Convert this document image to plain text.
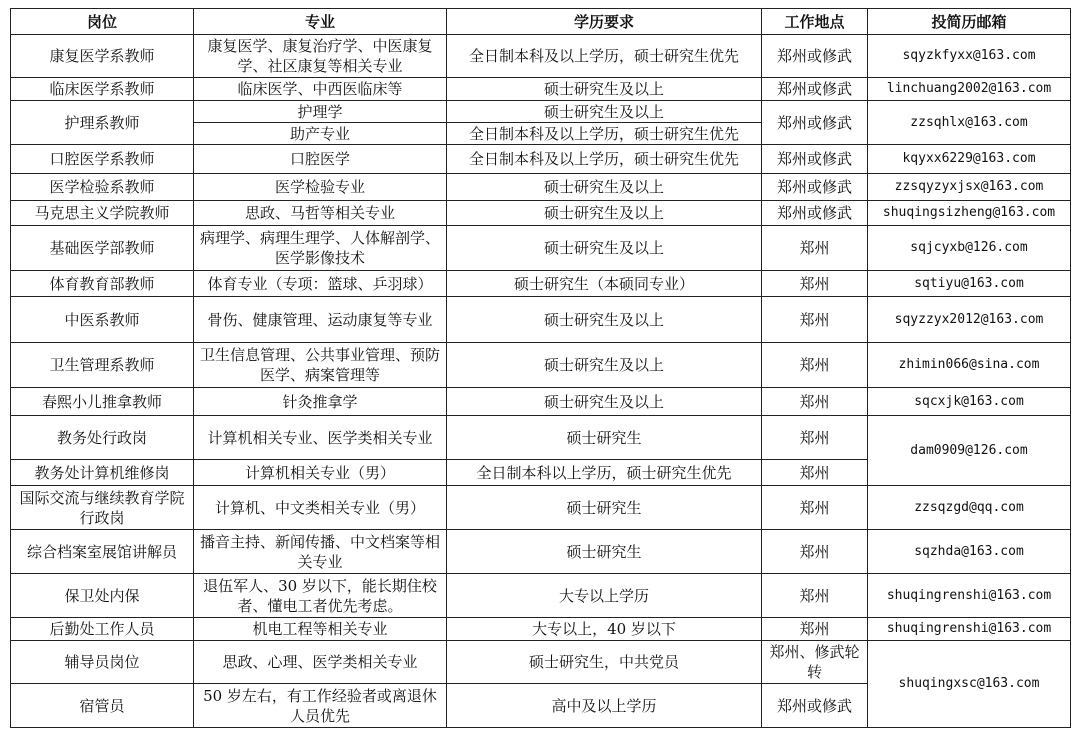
岗位	专业	学历要求	工作地点	投简历邮箱
康复医学系教师	康复医学、康复治疗学、中医康复学、社区康复等相关专业	全日制本科及以上学历，硕士研究生优先	郑州或修武	sqyzkfyxx@163.com
临床医学系教师	临床医学、中西医临床等	硕士研究生及以上	郑州或修武	linchuang2002@163.com
护理系教师	护理学	硕士研究生及以上	郑州或修武	zzsqhlx@163.com
	助产专业	全日制本科及以上学历，硕士研究生优先		
口腔医学系教师	口腔医学	全日制本科及以上学历，硕士研究生优先	郑州或修武	kqyxx6229@163.com
医学检验系教师	医学检验专业	硕士研究生及以上	郑州或修武	zzsqyzyxjsx@163.com
马克思主义学院教师	思政、马哲等相关专业	硕士研究生及以上	郑州或修武	shuqingsizheng@163.com
基础医学部教师	病理学、病理生理学、人体解剖学、医学影像技术	硕士研究生及以上	郑州	sqjcyxb@126.com
体育教育部教师	体育专业（专项：篮球、乒羽球）	硕士研究生（本硕同专业）	郑州	sqtiyu@163.com
中医系教师	骨伤、健康管理、运动康复等专业	硕士研究生及以上	郑州	sqyzzyx2012@163.com
卫生管理系教师	卫生信息管理、公共事业管理、预防医学、病案管理等	硕士研究生及以上	郑州	zhimin066@sina.com
春熙小儿推拿教师	针灸推拿学	硕士研究生及以上	郑州	sqcxjk@163.com
教务处行政岗	计算机相关专业、医学类相关专业	硕士研究生	郑州	dam0909@126.com
教务处计算机维修岗	计算机相关专业（男）	全日制本科以上学历，硕士研究生优先	郑州	
国际交流与继续教育学院行政岗	计算机、中文类相关专业（男）	硕士研究生	郑州	zzsqzgd@qq.com
综合档案室展馆讲解员	播音主持、新闻传播、中文档案等相关专业	硕士研究生	郑州	sqzhda@163.com
保卫处内保	退伍军人、30 岁以下，能长期住校者、懂电工者优先考虑。	大专以上学历	郑州	shuqingrenshi@163.com
后勤处工作人员	机电工程等相关专业	大专以上，40 岁以下	郑州	shuqingrenshi@163.com
辅导员岗位	思政、心理、医学类相关专业	硕士研究生，中共党员	郑州、修武轮转	shuqingxsc@163.com
宿管员	50 岁左右，有工作经验者或离退休人员优先	高中及以上学历	郑州或修武	
